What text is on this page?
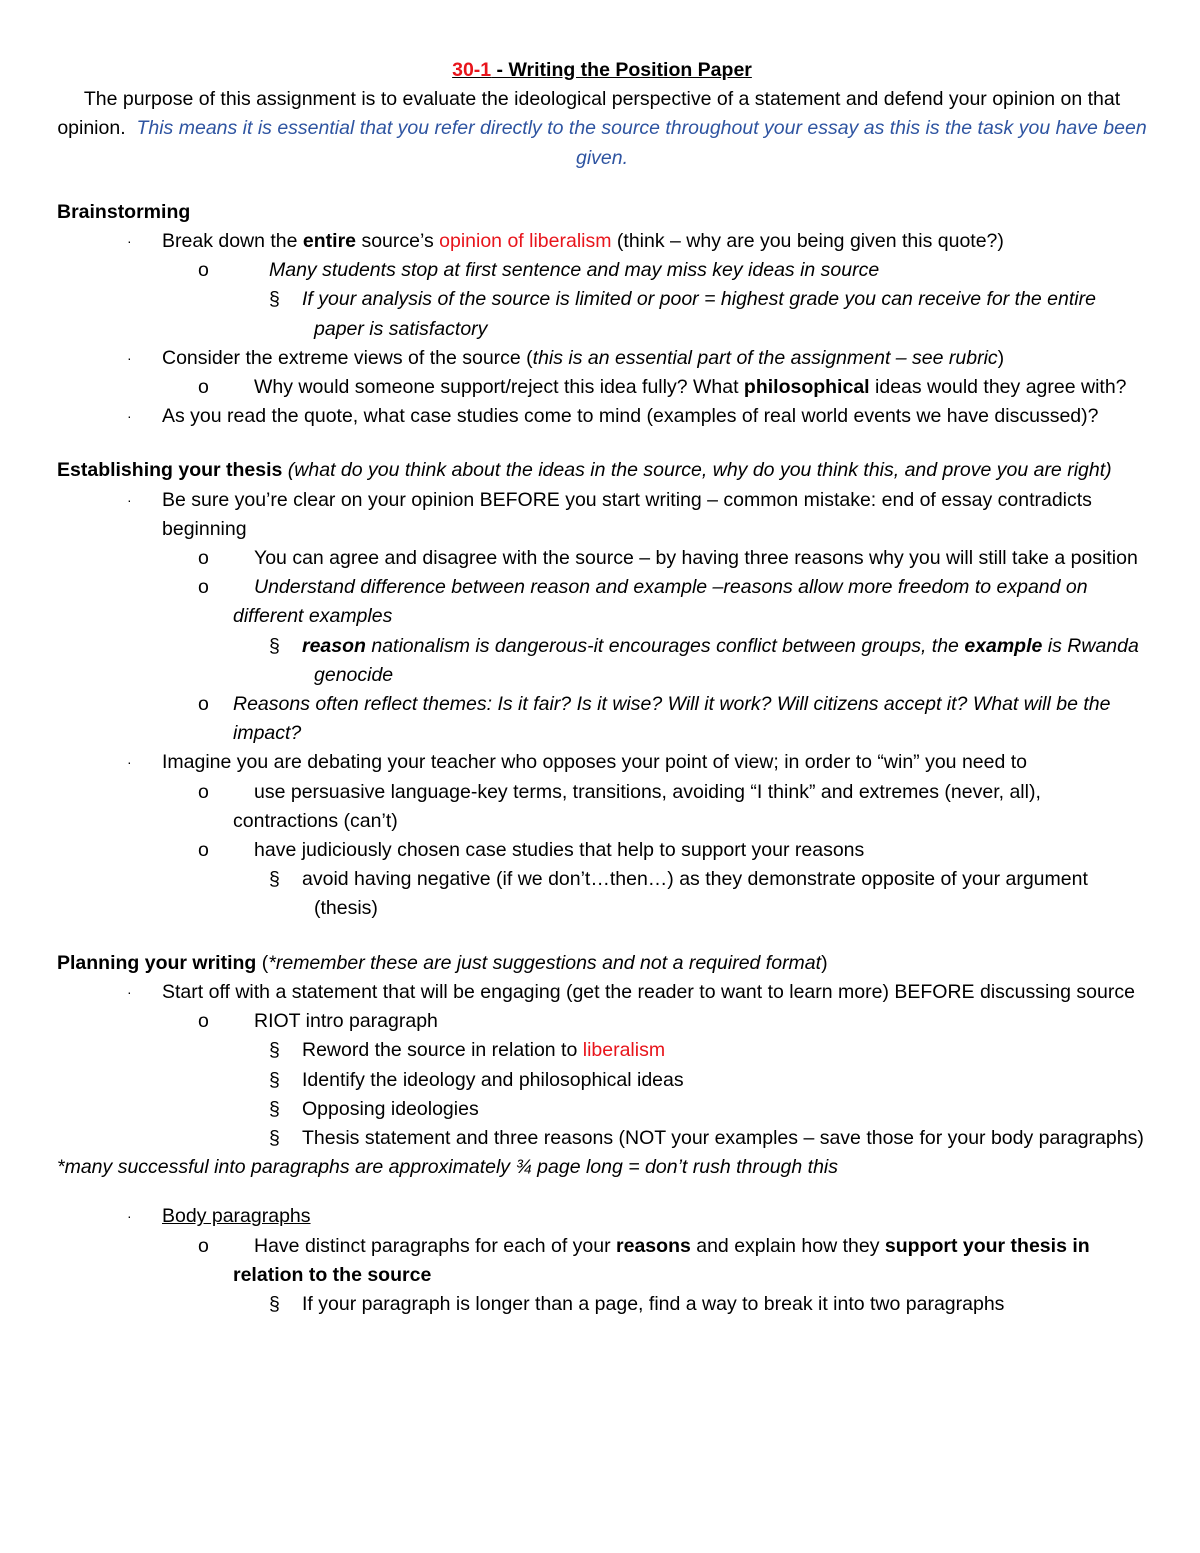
30-1 - Writing the Position Paper

The purpose of this assignment is to evaluate the ideological perspective of a statement and defend your opinion on that opinion. This means it is essential that you refer directly to the source throughout your essay as this is the task you have been given.

Brainstorming

· Break down the entire source’s opinion of liberalism (think – why are you being given this quote?)

o	Many students stop at first sentence and may miss key ideas in source

§ If your analysis of the source is limited or poor = highest grade you can receive for the entire paper is satisfactory

· Consider the extreme views of the source (this is an essential part of the assignment – see rubric)

o	Why would someone support/reject this idea fully? What philosophical ideas would they agree with?

· As you read the quote, what case studies come to mind (examples of real world events we have discussed)?

Establishing your thesis (what do you think about the ideas in the source, why do you think this, and prove you are right)

· Be sure you’re clear on your opinion BEFORE you start writing – common mistake: end of essay contradicts beginning

o	You can agree and disagree with the source – by having three reasons why you will still take a position

o	Understand difference between reason and example –reasons allow more freedom to expand on different examples

§ reason nationalism is dangerous-it encourages conflict between groups, the example is Rwanda genocide

o Reasons often reflect themes: Is it fair? Is it wise? Will it work? Will citizens accept it? What will be the impact?

· Imagine you are debating your teacher who opposes your point of view; in order to “win” you need to

o	use persuasive language-key terms, transitions, avoiding “I think” and extremes (never, all), contractions (can’t)

o	have judiciously chosen case studies that help to support your reasons

§ avoid having negative (if we don’t…then…) as they demonstrate opposite of your argument (thesis)

Planning your writing (*remember these are just suggestions and not a required format)

· Start off with a statement that will be engaging (get the reader to want to learn more) BEFORE discussing source

o RIOT intro paragraph

§ Reword the source in relation to liberalism

§ Identify the ideology and philosophical ideas

§ Opposing ideologies

§ Thesis statement and three reasons (NOT your examples – save those for your body paragraphs)

*many successful into paragraphs are approximately ¾ page long = don’t rush through this

· Body paragraphs

o	Have distinct paragraphs for each of your reasons and explain how they support your thesis in relation to the source

§ If your paragraph is longer than a page, find a way to break it into two paragraphs
